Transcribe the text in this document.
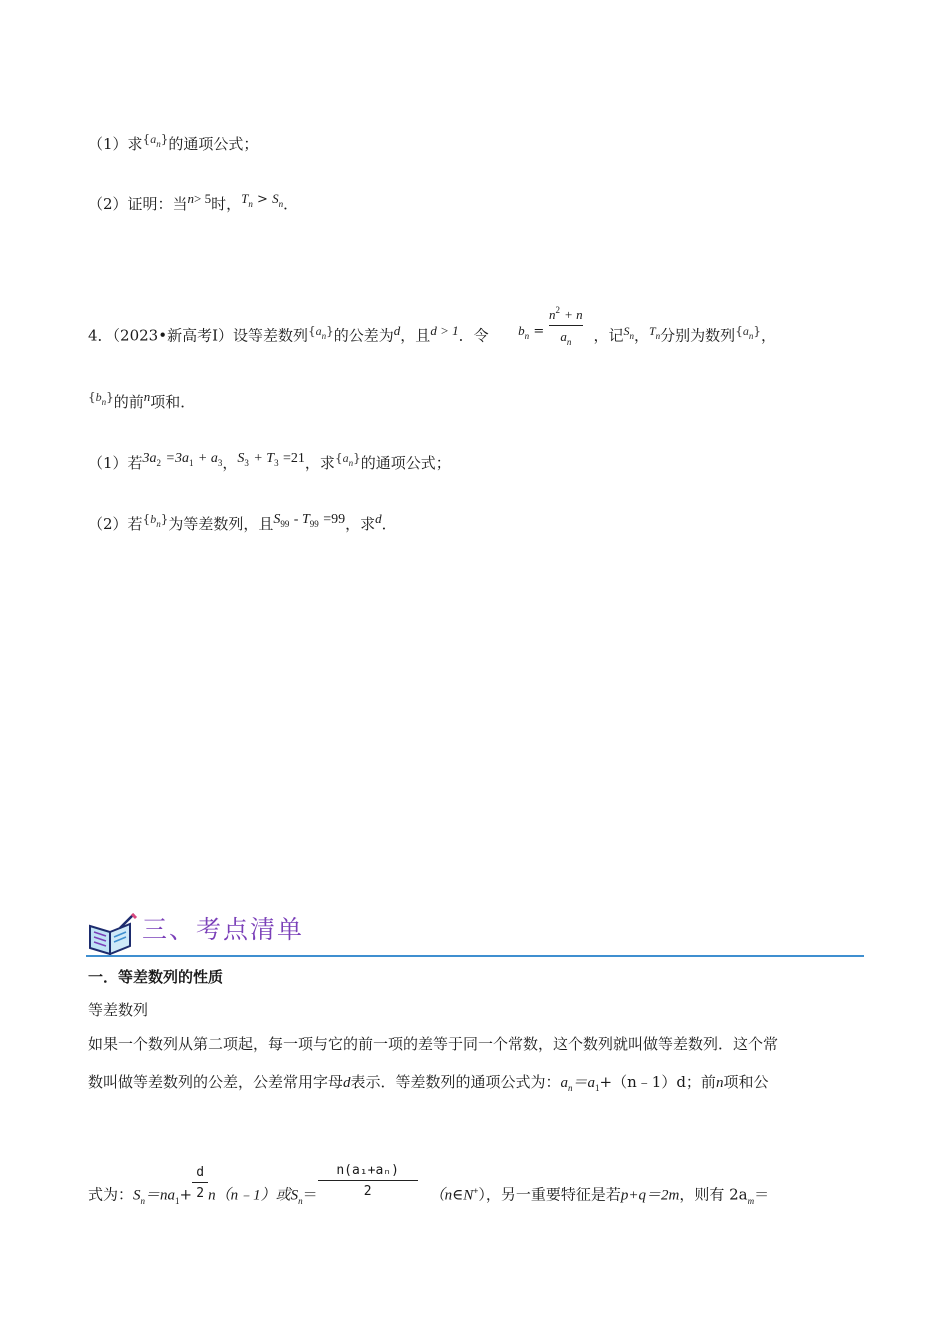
（1）求$^{\{a_n\}}$的通项公式；
（2）证明：当n> 5时，$T_n > S_n$．
4．（2023•新高考Ⅰ）设等差数列$^{\{a_n\}}$的公差为d，且d > 1．令 $b_n = \frac{n^2 + n}{a_n}$ ，记$^{S_n}$，$^{T_n}$分别为数列$^{\{a_n\}}$，
$^{\{b_n\}}$的前n项和．
（1）若$3a_2 =3a_1 + a_3$，$S_3 + T_3 =21$，求$^{\{a_n\}}$的通项公式；
（2）若$^{\{b_n\}}$为等差数列，且$S_{99} - T_{99} =99$，求d．
三、考点清单
一．等差数列的性质
等差数列
如果一个数列从第二项起，每一项与它的前一项的差等于同一个常数，这个数列就叫做等差数列．这个常
数叫做等差数列的公差，公差常用字母d表示．等差数列的通项公式为：$a_n=a_1+(n﹣1)d$；前n项和公
式为：$S_n=na_1+ \frac{d}{2}$ n（n﹣1）或$S_n= \frac{\text{n(a₁+aₙ)}}{2}$ （n∈N+），另一重要特征是若p+q＝2m，则有 $2a_m=$
